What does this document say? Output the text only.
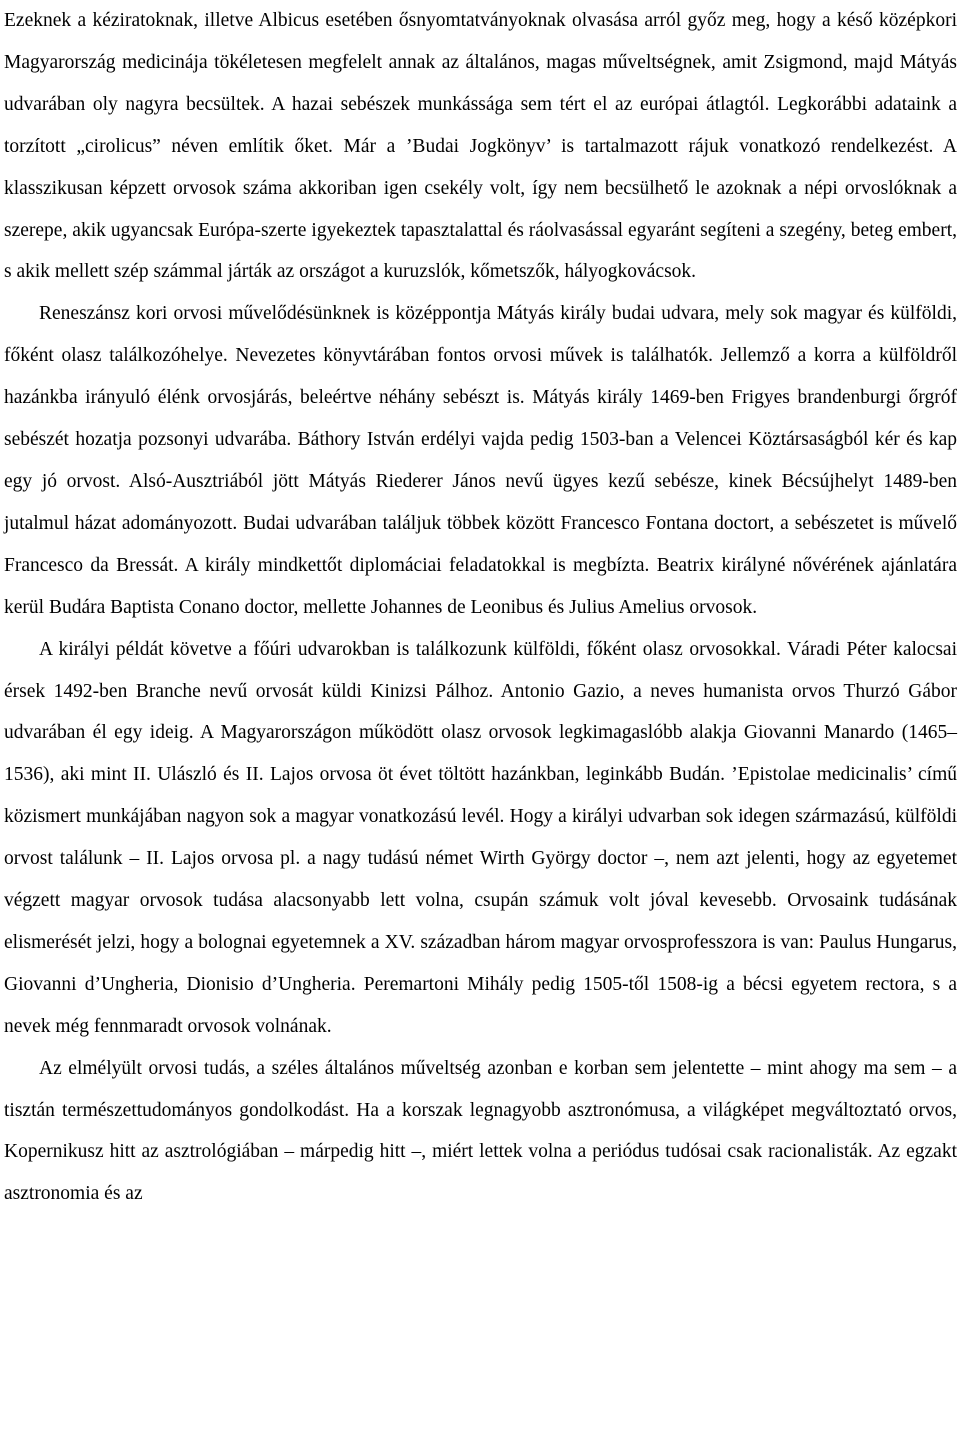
Ezeknek a kéziratoknak, illetve Albicus esetében ősnyomtatványoknak olvasása arról győz meg, hogy a késő középkori Magyarország medicinája tökéletesen megfelelt annak az általános, magas műveltségnek, amit Zsigmond, majd Mátyás udvarában oly nagyra becsültek. A hazai sebészek munkássága sem tért el az európai átlagtól. Legkorábbi adataink a torzított „cirolicus” néven említik őket. Már a ’Budai Jogkönyv’ is tartalmazott rájuk vonatkozó rendelkezést. A klasszikusan képzett orvosok száma akkoriban igen csekély volt, így nem becsülhető le azoknak a népi orvoslóknak a szerepe, akik ugyancsak Európa-szerte igyekeztek tapasztalattal és ráolvasással egyaránt segíteni a szegény, beteg embert, s akik mellett szép számmal járták az országot a kuruzslók, kőmetszők, hályogkovácsok.

Reneszánsz kori orvosi művelődésünknek is középpontja Mátyás király budai udvara, mely sok magyar és külföldi, főként olasz találkozóhelye. Nevezetes könyvtárában fontos orvosi művek is találhatók. Jellemző a korra a külföldről hazánkba irányuló élénk orvosjárás, beleértve néhány sebészt is. Mátyás király 1469-ben Frigyes brandenburgi őrgróf sebészét hozatja pozsonyi udvarába. Báthory István erdélyi vajda pedig 1503-ban a Velencei Köztársaságból kér és kap egy jó orvost. Alsó-Ausztriából jött Mátyás Riederer János nevű ügyes kezű sebésze, kinek Bécsújhelyt 1489-ben jutalmul házat adományozott. Budai udvarában találjuk többek között Francesco Fontana doctort, a sebészetet is művelő Francesco da Bressát. A király mindkettőt diplomáciai feladatokkal is megbízta. Beatrix királyné nővérének ajánlatára kerül Budára Baptista Conano doctor, mellette Johannes de Leonibus és Julius Amelius orvosok.

A királyi példát követve a főúri udvarokban is találkozunk külföldi, főként olasz orvosokkal. Váradi Péter kalocsai érsek 1492-ben Branche nevű orvosát küldi Kinizsi Pálhoz. Antonio Gazio, a neves humanista orvos Thurzó Gábor udvarában él egy ideig. A Magyarországon működött olasz orvosok legkimagaslóbb alakja Giovanni Manardo (1465–1536), aki mint II. Ulászló és II. Lajos orvosa öt évet töltött hazánkban, leginkább Budán. ’Epistolae medicinalis’ című közismert munkájában nagyon sok a magyar vonatkozású levél. Hogy a királyi udvarban sok idegen származású, külföldi orvost találunk – II. Lajos orvosa pl. a nagy tudású német Wirth György doctor –, nem azt jelenti, hogy az egyetemet végzett magyar orvosok tudása alacsonyabb lett volna, csupán számuk volt jóval kevesebb. Orvosaink tudásának elismerését jelzi, hogy a bolognai egyetemnek a XV. században három magyar orvosprofesszora is van: Paulus Hungarus, Giovanni d’Ungheria, Dionisio d’Ungheria. Peremartoni Mihály pedig 1505-től 1508-ig a bécsi egyetem rectora, s a nevek még fennmaradt orvosok volnának.

Az elmélyült orvosi tudás, a széles általános műveltség azonban e korban sem jelentette – mint ahogy ma sem – a tisztán természettudományos gondolkodást. Ha a korszak legnagyobb asztronómusa, a világképet megváltoztató orvos, Kopernikusz hitt az asztrológiában – márpedig hitt –, miért lettek volna a periódus tudósai csak racionalisták. Az egzakt asztronomia és az
